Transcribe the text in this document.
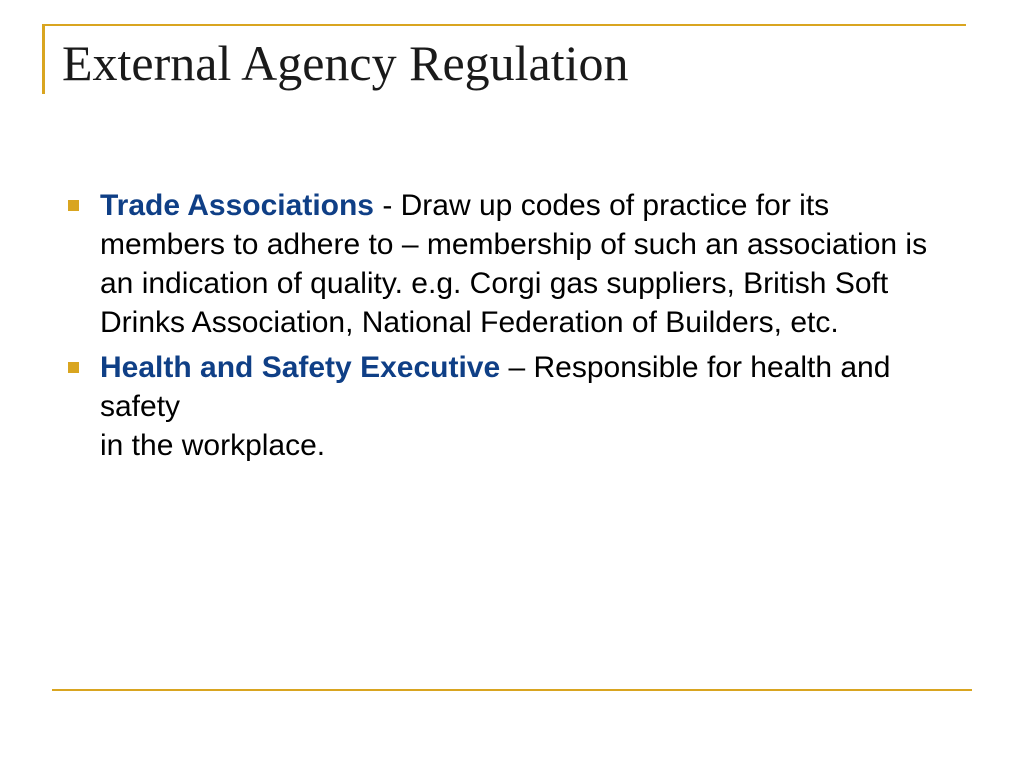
External Agency Regulation
Trade Associations - Draw up codes of practice for its members to adhere to – membership of such an association is an indication of quality. e.g. Corgi gas suppliers, British Soft Drinks Association, National Federation of Builders, etc.
Health and Safety Executive – Responsible for health and safety
in the workplace.
